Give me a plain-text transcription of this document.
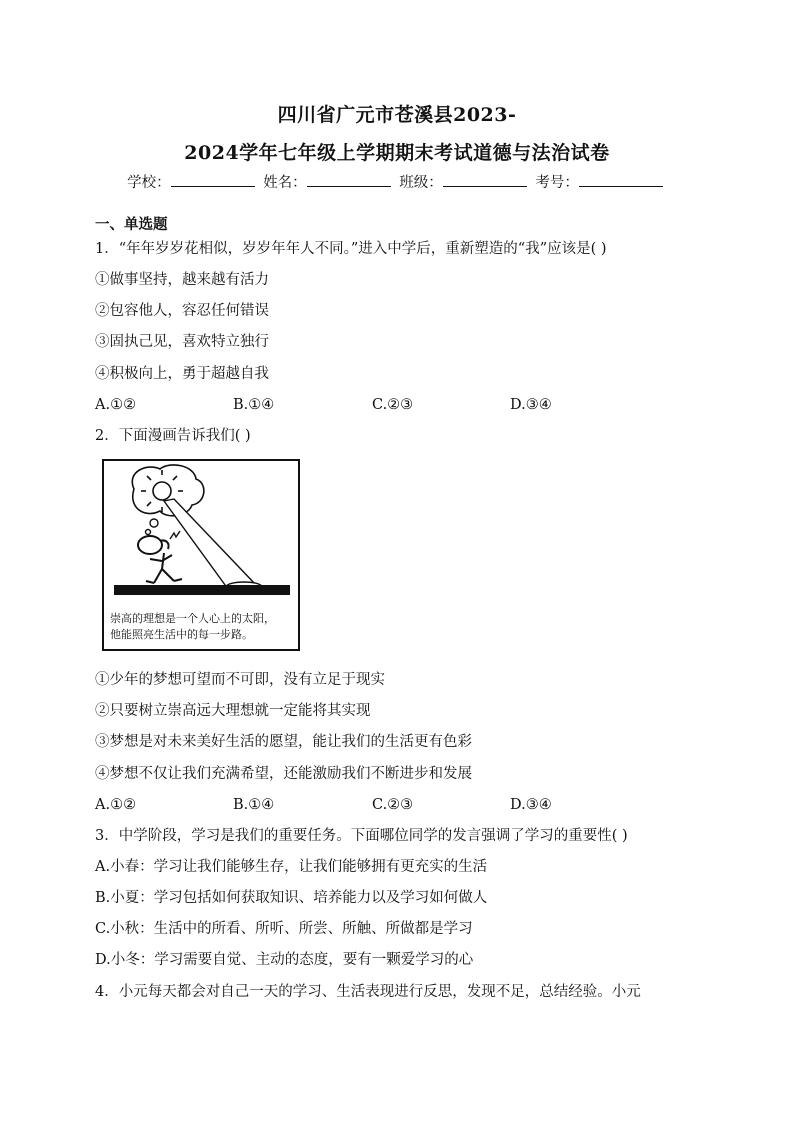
四川省广元市苍溪县2023-
2024学年七年级上学期期末考试道德与法治试卷
学校：	姓名：	班级：	考号：
一、单选题
1．“年年岁岁花相似，岁岁年年人不同。”进入中学后，重新塑造的“我”应该是( )
①做事坚持，越来越有活力
②包容他人，容忍任何错误
③固执己见，喜欢特立独行
④积极向上，勇于超越自我
A.①②	B.①④	C.②③	D.③④
2．下面漫画告诉我们( )
崇高的理想是一个人心上的太阳，
他能照亮生活中的每一步路。
①少年的梦想可望而不可即，没有立足于现实
②只要树立崇高远大理想就一定能将其实现
③梦想是对未来美好生活的愿望，能让我们的生活更有色彩
④梦想不仅让我们充满希望，还能激励我们不断进步和发展
A.①②	B.①④	C.②③	D.③④
3．中学阶段，学习是我们的重要任务。下面哪位同学的发言强调了学习的重要性( )
A.小春：学习让我们能够生存，让我们能够拥有更充实的生活
B.小夏：学习包括如何获取知识、培养能力以及学习如何做人
C.小秋：生活中的所看、所听、所尝、所触、所做都是学习
D.小冬：学习需要自觉、主动的态度，要有一颗爱学习的心
4．小元每天都会对自己一天的学习、生活表现进行反思，发现不足，总结经验。小元
